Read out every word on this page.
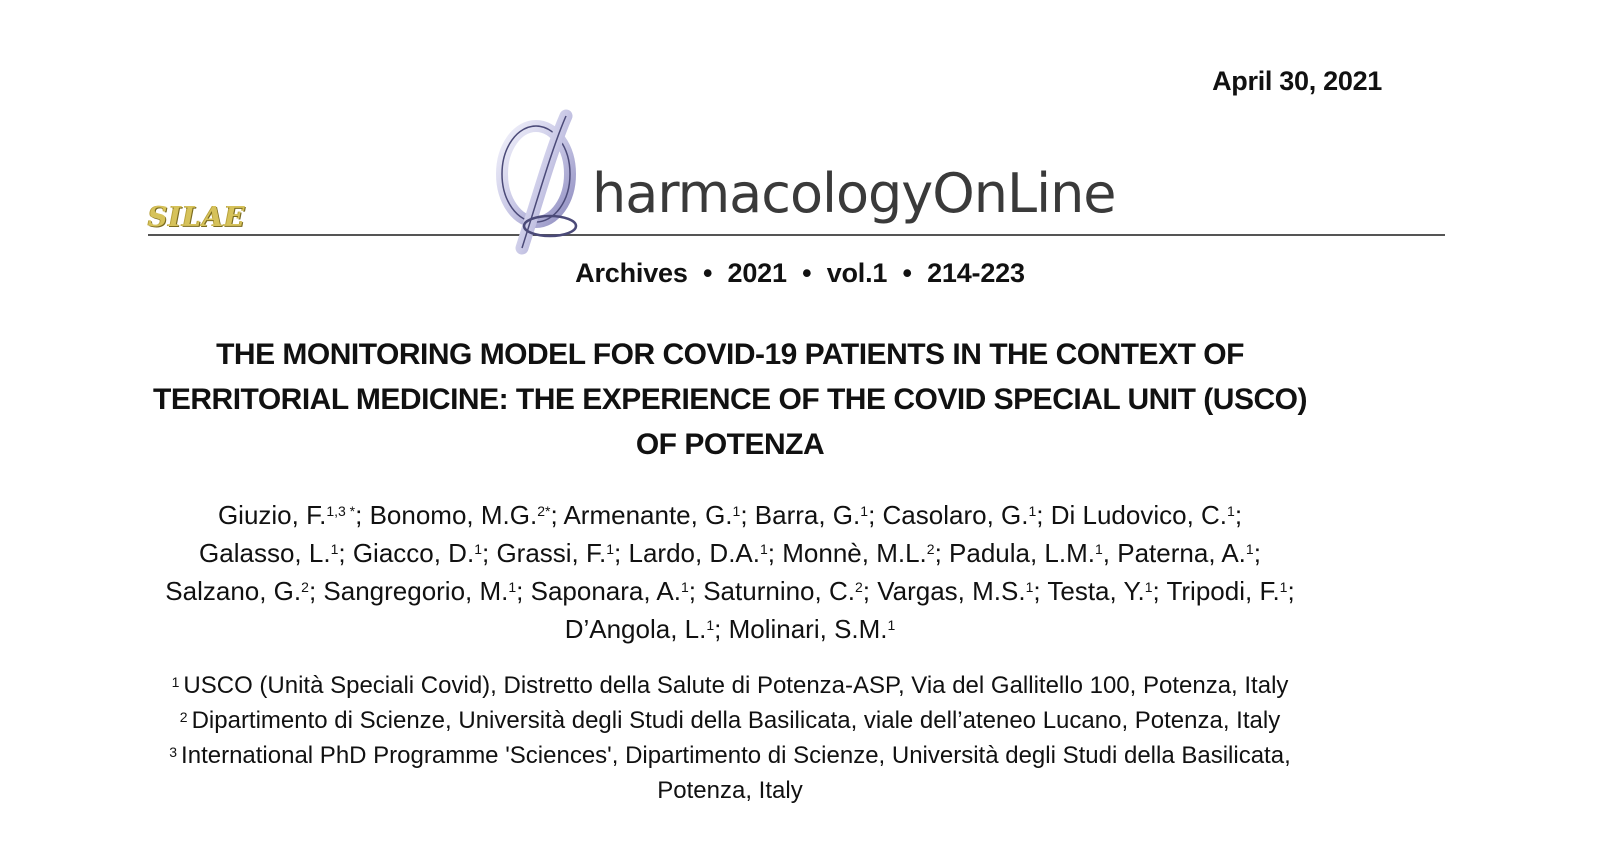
April 30, 2021
SILAE	harmacologyOnLine
Archives • 2021 • vol.1 • 214-223
THE MONITORING MODEL FOR COVID-19 PATIENTS IN THE CONTEXT OF
TERRITORIAL MEDICINE: THE EXPERIENCE OF THE COVID SPECIAL UNIT (USCO)
OF POTENZA
Giuzio, F.$^{1,3 *}$; Bonomo, M.G.$^{2*}$; Armenante, G.$^1$; Barra, G.$^1$; Casolaro, G.$^1$; Di Ludovico, C.$^1$;
Galasso, L.$^1$; Giacco, D.$^1$; Grassi, F.$^1$; Lardo, D.A.$^1$; Monnè, M.L.$^2$; Padula, L.M.$^1$, Paterna, A.$^1$;
Salzano, G.$^2$; Sangregorio, M.$^1$; Saponara, A.$^1$; Saturnino, C.$^2$; Vargas, M.S.$^1$; Testa, Y.$^1$; Tripodi, F.$^1$;
D’Angola, L.$^1$; Molinari, S.M.$^1$
$^1$ USCO (Unità Speciali Covid), Distretto della Salute di Potenza-ASP, Via del Gallitello 100, Potenza, Italy
$^2$ Dipartimento di Scienze, Università degli Studi della Basilicata, viale dell’ateneo Lucano, Potenza, Italy
$^3$ International PhD Programme 'Sciences', Dipartimento di Scienze, Università degli Studi della Basilicata, Potenza, Italy
